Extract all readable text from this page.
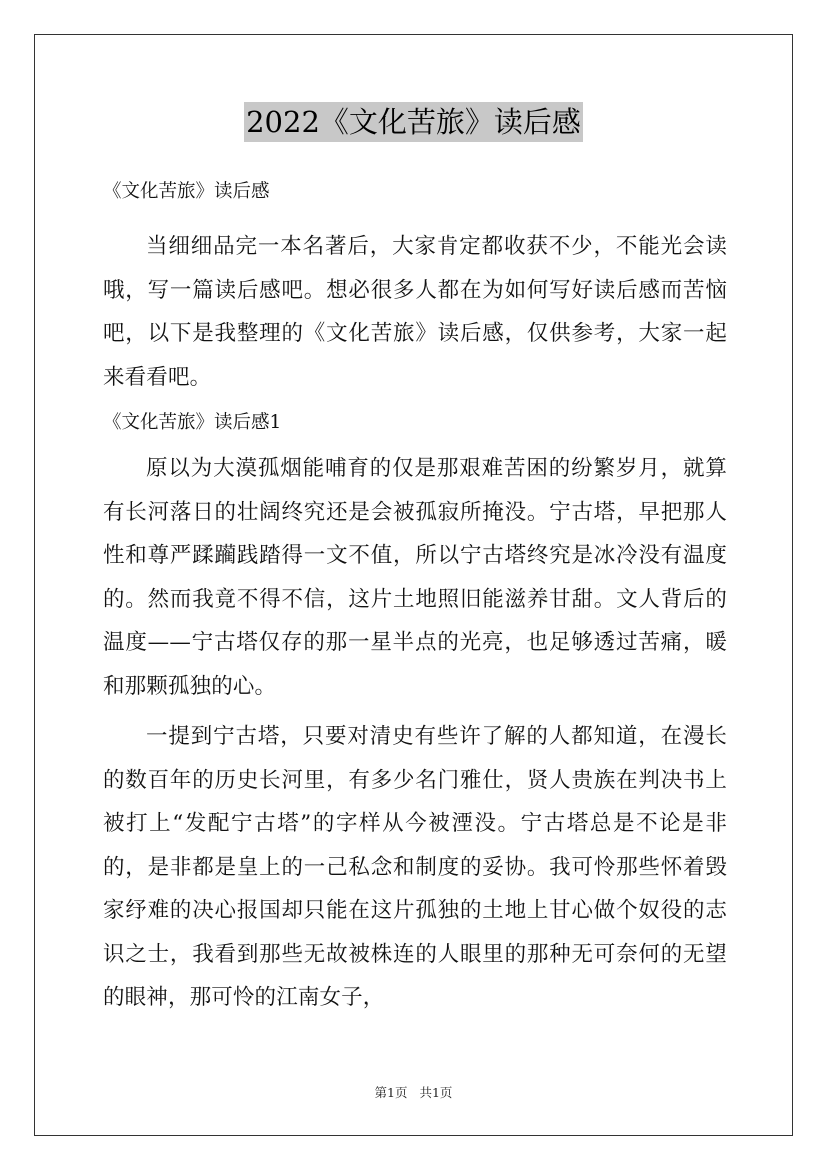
2022《文化苦旅》读后感
《文化苦旅》读后感

当细细品完一本名著后，大家肯定都收获不少，不能光会读哦，写一篇读后感吧。想必很多人都在为如何写好读后感而苦恼吧，以下是我整理的《文化苦旅》读后感，仅供参考，大家一起来看看吧。

《文化苦旅》读后感1

原以为大漠孤烟能哺育的仅是那艰难苦困的纷繁岁月，就算有长河落日的壮阔终究还是会被孤寂所掩没。宁古塔，早把那人性和尊严蹂躏践踏得一文不值，所以宁古塔终究是冰冷没有温度的。然而我竟不得不信，这片土地照旧能滋养甘甜。文人背后的温度——宁古塔仅存的那一星半点的光亮，也足够透过苦痛，暖和那颗孤独的心。

一提到宁古塔，只要对清史有些许了解的人都知道，在漫长的数百年的历史长河里，有多少名门雅仕，贤人贵族在判决书上被打上“发配宁古塔”的字样从今被湮没。宁古塔总是不论是非的，是非都是皇上的一己私念和制度的妥协。我可怜那些怀着毁家纾难的决心报国却只能在这片孤独的土地上甘心做个奴役的志识之士，我看到那些无故被株连的人眼里的那种无可奈何的无望的眼神，那可怜的江南女子，

第1页 共1页
